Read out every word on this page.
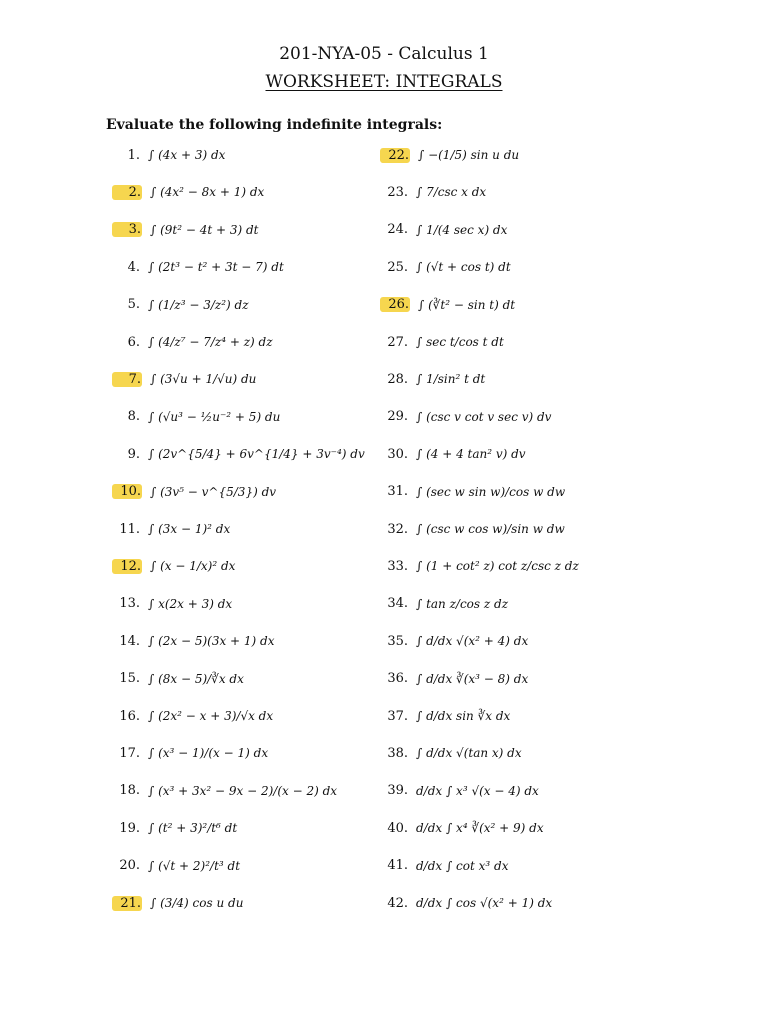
201-NYA-05 - Calculus 1
WORKSHEET: INTEGRALS
Evaluate the following indefinite integrals:
1. ∫ (4x + 3) dx
2. ∫ (4x² − 8x + 1) dx
3. ∫ (9t² − 4t + 3) dt
4. ∫ (2t³ − t² + 3t − 7) dt
5. ∫ (1/z³ − 3/z²) dz
6. ∫ (4/z⁷ − 7/z⁴ + z) dz
7. ∫ (3√u + 1/√u) du
8. ∫ (√u³ − ½u⁻² + 5) du
9. ∫ (2v^{5/4} + 6v^{1/4} + 3v⁻⁴) dv
10. ∫ (3v⁵ − v^{5/3}) dv
11. ∫ (3x − 1)² dx
12. ∫ (x − 1/x)² dx
13. ∫ x(2x + 3) dx
14. ∫ (2x − 5)(3x + 1) dx
15. ∫ (8x − 5)/∛x dx
16. ∫ (2x² − x + 3)/√x dx
17. ∫ (x³ − 1)/(x − 1) dx
18. ∫ (x³ + 3x² − 9x − 2)/(x − 2) dx
19. ∫ (t² + 3)²/t⁶ dt
20. ∫ (√t + 2)²/t³ dt
21. ∫ (3/4) cos u du
22. ∫ −(1/5) sin u du
23. ∫ 7/csc x dx
24. ∫ 1/(4 sec x) dx
25. ∫ (√t + cos t) dt
26. ∫ (∛t² − sin t) dt
27. ∫ sec t/cos t dt
28. ∫ 1/sin² t dt
29. ∫ (csc v cot v sec v) dv
30. ∫ (4 + 4 tan² v) dv
31. ∫ (sec w sin w)/cos w dw
32. ∫ (csc w cos w)/sin w dw
33. ∫ (1 + cot² z) cot z/csc z dz
34. ∫ tan z/cos z dz
35. ∫ d/dx √(x² + 4) dx
36. ∫ d/dx ∛(x³ − 8) dx
37. ∫ d/dx sin ∛x dx
38. ∫ d/dx √(tan x) dx
39. d/dx ∫ x³ √(x − 4) dx
40. d/dx ∫ x⁴ ∛(x² + 9) dx
41. d/dx ∫ cot x³ dx
42. d/dx ∫ cos √(x² + 1) dx
